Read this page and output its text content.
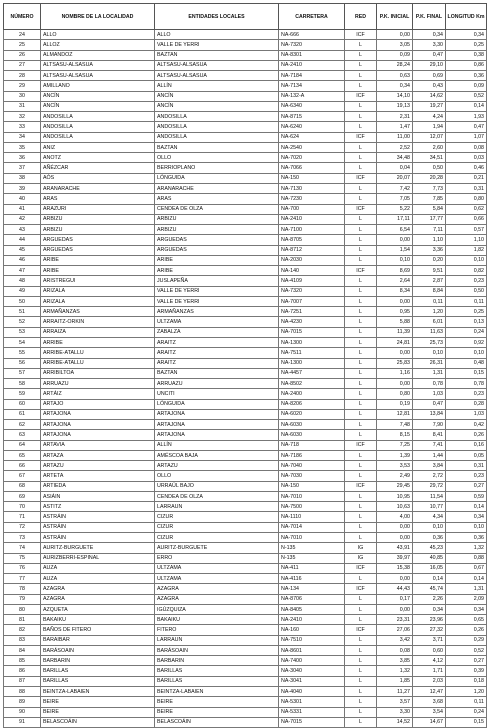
NÚMERO	NOMBRE DE LA LOCALIDAD	ENTIDADES LOCALES	CARRETERA	RED	P.K. INICIAL	P.K. FINAL	LONGITUD Km
24	ALLO	ALLO	NA-666	ICF	0,00	0,34	0,34
25	ALLOZ	VALLE DE YERRI	NA-7320	L	3,05	3,30	0,25
26	ALMANDOZ	BAZTAN	NA-8301	L	0,09	0,47	0,38
27	ALTSASU-ALSASUA	ALTSASU-ALSASUA	NA-2410	L	28,24	29,10	0,86
28	ALTSASU-ALSASUA	ALTSASU-ALSASUA	NA-7184	L	0,63	0,69	0,36
29	AMILLANO	ALLÍN	NA-7134	L	0,34	0,43	0,09
30	ANCÍN	ANCÍN	NA-132-A	ICF	14,10	14,62	0,52
31	ANCÍN	ANCÍN	NA-6340	L	19,13	19,27	0,14
32	ANDOSILLA	ANDOSILLA	NA-8715	L	2,31	4,24	1,93
33	ANDOSILLA	ANDOSILLA	NA-6240	L	1,47	1,94	0,47
34	ANDOSILLA	ANDOSILLA	NA-624	ICF	11,00	12,07	1,07
35	ANIZ	BAZTAN	NA-2540	L	2,52	2,60	0,08
36	ANOTZ	OLLO	NA-7020	L	34,48	34,51	0,03
37	AÑÉZCAR	BERRIOPLANO	NA-7066	L	0,04	0,50	0,46
38	AÓS	LÓNGUIDA	NA-150	ICF	20,07	20,28	0,21
39	ARANARACHE	ARANARACHE	NA-7130	L	7,42	7,73	0,31
40	ARAS	ARAS	NA-7230	L	7,05	7,85	0,80
41	ARAZURI	CENDEA DE OLZA	NA-700	ICF	5,22	5,84	0,62
42	ARBIZU	ARBIZU	NA-2410	L	17,11	17,77	0,66
43	ARBIZU	ARBIZU	NA-7100	L	6,54	7,11	0,57
44	ARGUEDAS	ARGUEDAS	NA-8705	L	0,00	1,10	1,10
45	ARGUEDAS	ARGUEDAS	NA-8712	L	1,54	3,36	1,82
46	ARIBE	ARIBE	NA-2030	L	0,10	0,20	0,10
47	ARIBE	ARIBE	NA-140	ICF	8,69	9,51	0,82
48	ARISTREGUI	JUSLAPEÑA	NA-4109	L	2,64	2,87	0,23
49	ARIZALA	VALLE DE YERRI	NA-7320	L	8,34	8,84	0,50
50	ARIZALA	VALLE DE YERRI	NA-7007	L	0,00	0,11	0,11
51	ARMAÑANZAS	ARMAÑANZAS	NA-7251	L	0,95	1,20	0,25
52	ARRAITZ-ORKIN	ULTZAMA	NA-4230	L	5,88	6,01	0,13
53	ARRAIZA	ZABALZA	NA-7015	L	11,39	11,63	0,24
54	ARRIBE	ARAITZ	NA-1300	L	24,81	25,73	0,92
55	ARRIBE-ATALLU	ARAITZ	NA-7511	L	0,00	0,10	0,10
56	ARRIBE-ATALLU	ARAITZ	NA-1300	L	25,83	26,31	0,48
57	ARRIBILTOA	BAZTAN	NA-4457	L	1,16	1,31	0,15
58	ARRUAZU	ARRUAZU	NA-8502	L	0,00	0,78	0,78
59	ARTÁIZ	UNCITI	NA-2400	L	0,80	1,03	0,23
60	ARTAJO	LÓNGUIDA	NA-8206	L	0,19	0,47	0,28
61	ARTAJONA	ARTAJONA	NA-6020	L	12,81	13,84	1,03
62	ARTAJONA	ARTAJONA	NA-6030	L	7,48	7,90	0,42
63	ARTAJONA	ARTAJONA	NA-6030	L	8,15	8,41	0,26
64	ARTAVIA	ALLÍN	NA-718	ICF	7,25	7,41	0,16
65	ARTAZA	AMÉSCOA BAJA	NA-7186	L	1,39	1,44	0,05
66	ARTAZU	ARTAZU	NA-7040	L	3,53	3,84	0,31
67	ARTETA	OLLO	NA-7030	L	2,49	2,72	0,23
68	ARTIEDA	URRAÚL BAJO	NA-150	ICF	29,45	29,72	0,27
69	ASIÁIN	CENDEA DE OLZA	NA-7010	L	10,95	11,54	0,59
70	ASTITZ	LARRAUN	NA-7500	L	10,63	10,77	0,14
71	ASTRÁIN	CIZUR	NA-1110	L	4,00	4,34	0,34
72	ASTRÁIN	CIZUR	NA-7014	L	0,00	0,10	0,10
73	ASTRÁIN	CIZUR	NA-7010	L	0,00	0,36	0,36
74	AURITZ-BURGUETE	AURITZ-BURGUETE	N-135	IG	43,91	45,23	1,32
75	AURIZBERRI-ESPINAL	ERRO	N-135	IG	39,97	40,85	0,88
76	AUZA	ULTZAMA	NA-411	ICF	15,38	16,05	0,67
77	AUZA	ULTZAMA	NA-4116	L	0,00	0,14	0,14
78	AZAGRA	AZAGRA	NA-134	ICF	44,43	45,74	1,31
79	AZAGRA	AZAGRA	NA-8706	L	0,17	2,26	2,09
80	AZQUETA	IGÚZQUIZA	NA-8405	L	0,00	0,34	0,34
81	BAKAIKU	BAKAIKU	NA-2410	L	23,31	23,96	0,65
82	BAÑOS DE FITERO	FITERO	NA-160	ICF	27,06	27,32	0,26
83	BARAIBAR	LARRAUN	NA-7510	L	3,42	3,71	0,29
84	BARÁSOAIN	BARÁSOAIN	NA-8601	L	0,08	0,60	0,52
85	BARBARIN	BARBARIN	NA-7400	L	3,85	4,12	0,27
86	BARILLAS	BARILLAS	NA-3040	L	1,32	1,71	0,39
87	BARILLAS	BARILLAS	NA-3041	L	1,85	2,03	0,18
88	BEINTZA-LABAIEN	BEINTZA-LABAIEN	NA-4040	L	11,27	12,47	1,20
89	BEIRE	BEIRE	NA-5301	L	3,57	3,68	0,11
90	BEIRE	BEIRE	NA-5331	L	3,30	3,54	0,24
91	BELASCOÁIN	BELASCOÁIN	NA-7015	L	14,52	14,67	0,15
